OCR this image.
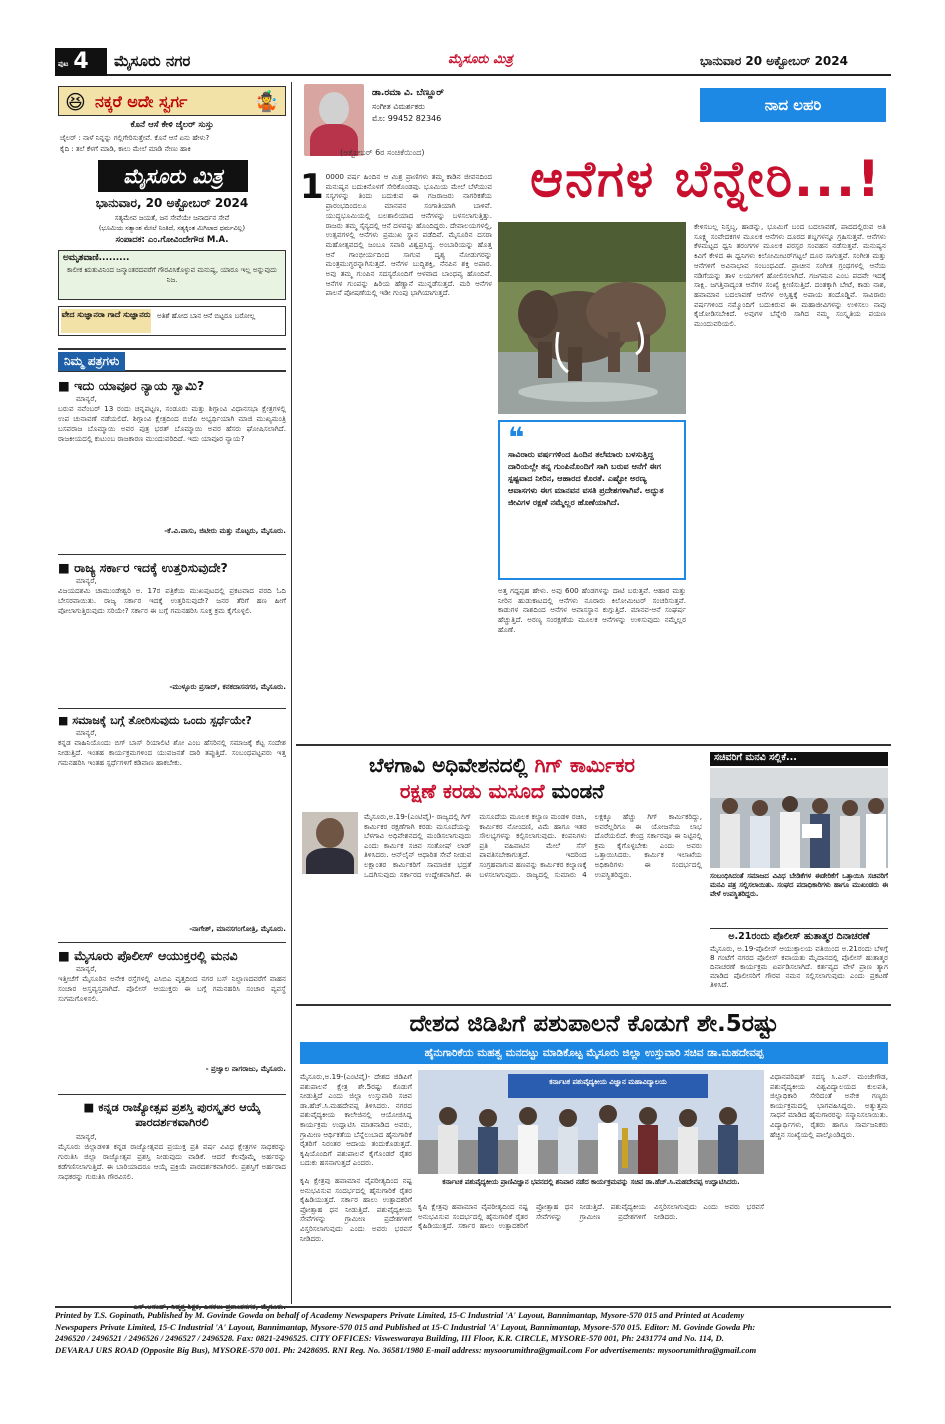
ಪುಟ 4	ಮೈಸೂರು ನಗರ	ಮೈಸೂರು ಮಿತ್ರ	ಭಾನುವಾರ 20 ಅಕ್ಟೋಬರ್ 2024
😆 ನಕ್ಕರೆ ಅದೇ ಸ್ವರ್ಗ	🤹
ಕೊನೆ ಆಸೆ ಕೇಳಿ ಜೈಲರ್ ಸುಸ್ತು
ಜೈಲರ್ : ನಾಳೆ ನಿನ್ನನ್ನು ಗಲ್ಲಿಗೇರಿಸುತ್ತೇವೆ. ಕೊನೆ ಆಸೆ ಏನು ಹೇಳು?
ಕೈದಿ : ತಲೆ ಕೆಳಗೆ ಮಾಡಿ, ಕಾಲು ಮೇಲೆ ಮಾಡಿ ನೇಣು ಹಾಕಿ
ಮೈಸೂರು ಮಿತ್ರ
ಭಾನುವಾರ, 20 ಅಕ್ಟೋಬರ್ 2024
ಸತ್ಯಮೇವ ಜಯತೆ, ಜನ ಸೇವೆಯೇ ಜನಾರ್ದನ ಸೇವೆ
(ಭೂಮಿಯ ಸತ್ಯಾಂಶ ಮೇಲೆ ನಿಂತಿದೆ, ಸತ್ಯಕ್ಕಿಂತ ಮಿಗಿಲಾದ ಧರ್ಮವಿಲ್ಲ)
ಸಂಪಾದಕ: ಎಂ.ಗೋವಿಂದೇಗೌಡ M.A.
ಅಮೃತವಾಣಿ.........
ಕಾಲೀಕ ಋತುವಿನಿಂದ ಜನ್ಮಾಂತರದವರೆಗೆ ಗೌರವಿಸಿಕೊಳ್ಳುವ ಮನುಷ್ಯ, ಯಾರೂ ಇಲ್ಲ ಅನ್ನುವುದು ನಿಜ.
ವೇದ ಸುಜ್ಞಾನರಾ ಗಾದೆ ಸುಜ್ಞಾನರು ಅತಿಶೆ ಹೋದ ಬಾನ ಆನೆ ಬಿಟ್ಟರೂ ಬರೋಲ್ಲ
ನಿಮ್ಮ ಪತ್ರಗಳು
■ ಇದು ಯಾವೂರ ನ್ಯಾಯ ಸ್ವಾಮಿ?
ಮಾನ್ಯರೆ,
ಬರುವ ನವೆಂಬರ್ 13 ರಂದು ಚನ್ನಪಟ್ಟಣ, ಸಂಡೂರು ಮತ್ತು ಶಿಗ್ಗಾಂವಿ ವಿಧಾನಸಭಾ ಕ್ಷೇತ್ರಗಳಲ್ಲಿ ಉಪ ಚುನಾವಣೆ ನಡೆಯಲಿದೆ. ಶಿಗ್ಗಾಂವಿ ಕ್ಷೇತ್ರದಿಂದ ಬಿಜೆಪಿ ಅಭ್ಯರ್ಥಿಯಾಗಿ ಮಾಜಿ ಮುಖ್ಯಮಂತ್ರಿ ಬಸವರಾಜ ಬೊಮ್ಮಾಯಿ ಅವರ ಪುತ್ರ ಭರತ್ ಬೊಮ್ಮಾಯಿ ಅವರ ಹೆಸರು ಘೋಷಿಸಲಾಗಿದೆ. ರಾಜಕೀಯದಲ್ಲಿ ಕುಟುಂಬ ರಾಜಕಾರಣ ಮುಂದುವರಿದಿದೆ. ಇದು ಯಾವೂರ ನ್ಯಾಯ?
-ಕೆ.ವಿ.ವಾಸು, ಜಿಟೀರು ಮತ್ತು ನೊಟ್ಟರು, ಮೈಸೂರು.
■ ರಾಜ್ಯ ಸರ್ಕಾರ ಇದಕ್ಕೆ ಉತ್ತರಿಸುವುದೇ?
ಮಾನ್ಯರೆ,
ವಿಜಯದಶಮಿ ಚಾಮುಂಡೇಶ್ವರಿ ಅ. 17ರ ಪತ್ರಿಕೆಯ ಮುಖಪುಟದಲ್ಲಿ ಪ್ರಕಟವಾದ ವರದಿ ಓದಿ ಬೇಸರವಾಯಿತು. ರಾಜ್ಯ ಸರ್ಕಾರ ಇದಕ್ಕೆ ಉತ್ತರಿಸುವುದೇ? ಜನರ ತೆರಿಗೆ ಹಣ ಹೀಗೆ ಪೋಲಾಗುತ್ತಿರುವುದು ಸರಿಯೇ? ಸರ್ಕಾರ ಈ ಬಗ್ಗೆ ಗಮನಹರಿಸಿ ಸೂಕ್ತ ಕ್ರಮ ಕೈಗೊಳ್ಳಲಿ.
-ಮುಳ್ಳೂರು ಪ್ರಸಾದ್, ಕನಕದಾಸನಗರ, ಮೈಸೂರು.
■ ಸಮಾಜಕ್ಕೆ ಬಗ್ಗೆ ತೋರಿಸುವುದು ಒಂದು ಸ್ಪರ್ಧೆಯೇ?
ಮಾನ್ಯರೆ,
ಕನ್ನಡ ವಾಹಿನಿಯೊಂದು ಬಿಗ್ ಬಾಸ್ ರಿಯಾಲಿಟಿ ಶೋ ಎಂಬ ಹೆಸರಿನಲ್ಲಿ ಸಮಾಜಕ್ಕೆ ಕೆಟ್ಟ ಸಂದೇಶ ನೀಡುತ್ತಿದೆ. ಇಂತಹ ಕಾರ್ಯಕ್ರಮಗಳಿಂದ ಯುವಜನತೆ ದಾರಿ ತಪ್ಪುತ್ತಿದೆ. ಸಂಬಂಧಪಟ್ಟವರು ಇತ್ತ ಗಮನಹರಿಸಿ ಇಂತಹ ಸ್ಪರ್ಧೆಗಳಿಗೆ ಕಡಿವಾಣ ಹಾಕಬೇಕು.
-ನಾಗೇಶ್, ಮಾನಸಗಂಗೋತ್ರಿ, ಮೈಸೂರು.
■ ಮೈಸೂರು ಪೊಲೀಸ್ ಆಯುಕ್ತರಲ್ಲಿ ಮನವಿ
ಮಾನ್ಯರೆ,
ಇತ್ತೀಚೆಗೆ ಮೈಸೂರಿನ ಅನೇಕ ರಸ್ತೆಗಳಲ್ಲಿ ಎಸಿಬಿಎ ವೃತ್ತದಿಂದ ನಗರ ಬಸ್ ನಿಲ್ದಾಣದವರೆಗೆ ವಾಹನ ಸಂಚಾರ ಅಸ್ತವ್ಯಸ್ತವಾಗಿದೆ. ಪೊಲೀಸ್ ಆಯುಕ್ತರು ಈ ಬಗ್ಗೆ ಗಮನಹರಿಸಿ ಸಂಚಾರ ವ್ಯವಸ್ಥೆ ಸುಗಮಗೊಳಿಸಲಿ.
- ಪ್ರಜ್ವಾಲ ನಾಗರಾಜು, ಮೈಸೂರು.
■ ಕನ್ನಡ ರಾಜ್ಯೋತ್ಸವ ಪ್ರಶಸ್ತಿ ಪುರಸ್ಕೃತರ ಆಯ್ಕೆ ಪಾರದರ್ಶಕವಾಗಿರಲಿ
ಮಾನ್ಯರೆ,
ಮೈಸೂರು ಜಿಲ್ಲಾಡಳಿತ ಕನ್ನಡ ರಾಜ್ಯೋತ್ಸವದ ಪ್ರಯುಕ್ತ ಪ್ರತಿ ವರ್ಷ ವಿವಿಧ ಕ್ಷೇತ್ರಗಳ ಸಾಧಕರನ್ನು ಗುರುತಿಸಿ ಜಿಲ್ಲಾ ರಾಜ್ಯೋತ್ಸವ ಪ್ರಶಸ್ತಿ ನೀಡುವುದು ವಾಡಿಕೆ. ಆದರೆ ಕೆಲವೊಮ್ಮೆ ಅರ್ಹರನ್ನು ಕಡೆಗಣಿಸಲಾಗುತ್ತಿದೆ. ಈ ಬಾರಿಯಾದರೂ ಆಯ್ಕೆ ಪ್ರಕ್ರಿಯೆ ಪಾರದರ್ಶಕವಾಗಿರಲಿ. ಪ್ರಶಸ್ತಿಗೆ ಅರ್ಹರಾದ ಸಾಧಕರನ್ನು ಗುರುತಿಸಿ ಗೌರವಿಸಲಿ.
ಡಾ.ರಮಾ ವಿ. ಬೆಣ್ಣೂರ್
ಸಂಗೀತ ವಿಮರ್ಶಕರು
ಮೊ: 99452 82346
ನಾದ ಲಹರಿ
(ಅಕ್ಟೋಬರ್ 6ರ ಸಂಚಿಕೆಯಿಂದ)	ಆನೆಗಳ ಬೆನ್ನೇರಿ...!
1 0000 ವರ್ಷ ಹಿಂದಿನ ಆ ಮಿಶ್ರ ಪ್ರಾಣಿಗಳು ತಮ್ಮ ಕಾಡಿನ ಜೀವನದಿಂದ ಮನುಷ್ಯನ ಬದುಕಿನೊಳಗೆ ಸೇರಿಕೊಂಡವು. ಭೂಮಿಯ ಮೇಲೆ ಬೆಳೆಯುವ ಸಸ್ಯಗಳನ್ನು ತಿಂದು ಬದುಕುವ ಈ ಗಜರಾಜರು ನಾಗರಿಕತೆಯ ಪ್ರಾರಂಭದಿಂದಲೂ ಮಾನವನ ಸಂಗಾತಿಯಾಗಿ ಬಾಳಿವೆ. ಯುದ್ಧಭೂಮಿಯಲ್ಲಿ ಬಲಶಾಲಿಯಾದ ಆನೆಗಳನ್ನು ಬಳಸಲಾಗುತ್ತಿತ್ತು. ರಾಜರು ತಮ್ಮ ಸೈನ್ಯದಲ್ಲಿ ಆನೆ ದಳವನ್ನು ಹೊಂದಿದ್ದರು. ದೇವಾಲಯಗಳಲ್ಲಿ, ಉತ್ಸವಗಳಲ್ಲಿ ಆನೆಗಳು ಪ್ರಮುಖ ಸ್ಥಾನ ಪಡೆದಿವೆ. ಮೈಸೂರಿನ ದಸರಾ ಮಹೋತ್ಸವದಲ್ಲಿ ಜಂಬೂ ಸವಾರಿ ವಿಶ್ವಪ್ರಸಿದ್ಧ. ಅಂಬಾರಿಯನ್ನು ಹೊತ್ತ ಆನೆ ಗಾಂಭೀರ್ಯದಿಂದ ಸಾಗುವ ದೃಶ್ಯ ನೋಡುಗರನ್ನು ಮಂತ್ರಮುಗ್ಧರನ್ನಾಗಿಸುತ್ತದೆ. ಆನೆಗಳ ಬುದ್ಧಿಶಕ್ತಿ, ನೆನಪಿನ ಶಕ್ತಿ ಅಪಾರ. ಅವು ತಮ್ಮ ಗುಂಪಿನ ಸದಸ್ಯರೊಂದಿಗೆ ಆಳವಾದ ಬಾಂಧವ್ಯ ಹೊಂದಿವೆ. ಆನೆಗಳ ಗುಂಪನ್ನು ಹಿರಿಯ ಹೆಣ್ಣಾನೆ ಮುನ್ನಡೆಸುತ್ತದೆ. ಮರಿ ಆನೆಗಳ ಪಾಲನೆ ಪೋಷಣೆಯಲ್ಲಿ ಇಡೀ ಗುಂಪು ಭಾಗಿಯಾಗುತ್ತದೆ.
ಕೇಳಿಸಬಲ್ಲ ನಿಸ್ತಬ್ಧ, ಹಾಡನ್ನು, ಭೂಮಿಗೆ ಬಂದ ಬದಲಾವಣೆ, ಪಾದದಲ್ಲಿರುವ ಅತಿ ಸೂಕ್ಷ್ಮ ಸಂವೇದಕಗಳ ಮೂಲಕ ಆನೆಗಳು ದೂರದ ಶಬ್ದಗಳನ್ನೂ ಗ್ರಹಿಸುತ್ತವೆ. ಆನೆಗಳು ಕೆಳಮಟ್ಟದ ಧ್ವನಿ ತರಂಗಗಳ ಮೂಲಕ ಪರಸ್ಪರ ಸಂವಹನ ನಡೆಸುತ್ತವೆ. ಮನುಷ್ಯನ ಕಿವಿಗೆ ಕೇಳದ ಈ ಧ್ವನಿಗಳು ಕಿಲೋಮೀಟರ್‌ಗಟ್ಟಲೆ ದೂರ ಸಾಗುತ್ತವೆ. ಸಂಗೀತ ಮತ್ತು ಆನೆಗಳಿಗೆ ಅವಿನಾಭಾವ ಸಂಬಂಧವಿದೆ. ಪ್ರಾಚೀನ ಸಂಗೀತ ಗ್ರಂಥಗಳಲ್ಲಿ ಆನೆಯ ನಡಿಗೆಯನ್ನು ತಾಳ ಲಯಗಳಿಗೆ ಹೋಲಿಸಲಾಗಿದೆ. ಗಜಗಮನ ಎಂಬ ಪದವೇ ಇದಕ್ಕೆ ಸಾಕ್ಷಿ. ಜಗತ್ತಿನಾದ್ಯಂತ ಆನೆಗಳ ಸಂಖ್ಯೆ ಕ್ಷೀಣಿಸುತ್ತಿದೆ. ದಂತಕ್ಕಾಗಿ ಬೇಟೆ, ಕಾಡು ನಾಶ, ಹವಾಮಾನ ಬದಲಾವಣೆ ಆನೆಗಳ ಅಸ್ತಿತ್ವಕ್ಕೆ ಅಪಾಯ ತಂದೊಡ್ಡಿವೆ. ಸಾವಿರಾರು ವರ್ಷಗಳಿಂದ ನಮ್ಮೊಂದಿಗೆ ಬದುಕಿರುವ ಈ ಮಹಾಜೀವಿಗಳನ್ನು ಉಳಿಸಲು ನಾವು ಕೈಜೋಡಿಸಬೇಕಿದೆ. ಅವುಗಳ ಬೆನ್ನೇರಿ ಸಾಗಿದ ನಮ್ಮ ಸಂಸ್ಕೃತಿಯ ಪಯಣ ಮುಂದುವರಿಯಲಿ.
❝
ಸಾವಿರಾರು ವರ್ಷಗಳಿಂದ ಹಿಂದಿನ ತಲೆಮಾರು ಬಳಸುತ್ತಿದ್ದ ದಾರಿಯಲ್ಲೇ ತನ್ನ ಗುಂಪಿನೊಂದಿಗೆ ಸಾಗಿ ಬರುವ ಆನೆಗೆ ಈಗ ಸ್ಪಷ್ಟವಾದ ನೀರಿನ, ಆಹಾರದ ಕೊರತೆ. ಎಷ್ಟೋ ಅರಣ್ಯ ಆವಾಸಗಳು ಈಗ ಮಾನವನ ವಸತಿ ಪ್ರದೇಶಗಳಾಗಿವೆ. ಅದ್ಭುತ ಜೀವಿಗಳ ರಕ್ಷಣೆ ನಮ್ಮೆಲ್ಲರ ಹೊಣೆಯಾಗಿದೆ.
ಅತ್ತ ಗದ್ದಪ್ಪಹ ಹೇಳು. ಅವು 600 ಹೆಂಡಗಳನ್ನು ದಾಟಿ ಬರುತ್ತವೆ. ಆಹಾರ ಮತ್ತು ನೀರಿನ ಹುಡುಕಾಟದಲ್ಲಿ ಆನೆಗಳು ನೂರಾರು ಕಿಲೋಮೀಟರ್ ಸಂಚರಿಸುತ್ತವೆ. ಕಾಡುಗಳ ನಾಶದಿಂದ ಆನೆಗಳ ಆವಾಸಸ್ಥಾನ ಕುಗ್ಗುತ್ತಿದೆ. ಮಾನವ-ಆನೆ ಸಂಘರ್ಷ ಹೆಚ್ಚುತ್ತಿದೆ. ಅರಣ್ಯ ಸಂರಕ್ಷಣೆಯ ಮೂಲಕ ಆನೆಗಳನ್ನು ಉಳಿಸುವುದು ನಮ್ಮೆಲ್ಲರ ಹೊಣೆ.
ಬೆಳಗಾವಿ ಅಧಿವೇಶನದಲ್ಲಿ ಗಿಗ್ ಕಾರ್ಮಿಕರ
ರಕ್ಷಣೆ ಕರಡು ಮಸೂದೆ ಮಂಡನೆ
ಮೈಸೂರು,ಅ.19-(ಎಂಟಿವೈ)- ರಾಜ್ಯದಲ್ಲಿ ಗಿಗ್ ಕಾರ್ಮಿಕರ ರಕ್ಷಣೆಗಾಗಿ ಕರಡು ಮಸೂದೆಯನ್ನು ಬೆಳಗಾವಿ ಅಧಿವೇಶನದಲ್ಲಿ ಮಂಡಿಸಲಾಗುವುದು ಎಂದು ಕಾರ್ಮಿಕ ಸಚಿವ ಸಂತೋಷ್ ಲಾಡ್ ತಿಳಿಸಿದರು. ಆನ್‌ಲೈನ್ ಆಧಾರಿತ ಸೇವೆ ನೀಡುವ ಲಕ್ಷಾಂತರ ಕಾರ್ಮಿಕರಿಗೆ ಸಾಮಾಜಿಕ ಭದ್ರತೆ ಒದಗಿಸುವುದು ಸರ್ಕಾರದ ಉದ್ದೇಶವಾಗಿದೆ. ಈ ಮಸೂದೆಯ ಮೂಲಕ ಕಲ್ಯಾಣ ಮಂಡಳಿ ರಚಿಸಿ, ಕಾರ್ಮಿಕರ ನೋಂದಣಿ, ವಿಮೆ ಹಾಗೂ ಇತರ ಸೌಲಭ್ಯಗಳನ್ನು ಕಲ್ಪಿಸಲಾಗುವುದು. ಕಂಪನಿಗಳು ಪ್ರತಿ ವಹಿವಾಟಿನ ಮೇಲೆ ಸೆಸ್ ಪಾವತಿಸಬೇಕಾಗುತ್ತದೆ. ಇದರಿಂದ ಸಂಗ್ರಹವಾಗುವ ಹಣವನ್ನು ಕಾರ್ಮಿಕರ ಕಲ್ಯಾಣಕ್ಕೆ ಬಳಸಲಾಗುವುದು. ರಾಜ್ಯದಲ್ಲಿ ಸುಮಾರು 4 ಲಕ್ಷಕ್ಕೂ ಹೆಚ್ಚು ಗಿಗ್ ಕಾರ್ಮಿಕರಿದ್ದು, ಅವರೆಲ್ಲರಿಗೂ ಈ ಯೋಜನೆಯ ಲಾಭ ದೊರೆಯಲಿದೆ. ಕೇಂದ್ರ ಸರ್ಕಾರವೂ ಈ ನಿಟ್ಟಿನಲ್ಲಿ ಕ್ರಮ ಕೈಗೊಳ್ಳಬೇಕು ಎಂದು ಅವರು ಒತ್ತಾಯಿಸಿದರು. ಕಾರ್ಮಿಕ ಇಲಾಖೆಯ ಅಧಿಕಾರಿಗಳು ಈ ಸಂದರ್ಭದಲ್ಲಿ ಉಪಸ್ಥಿತರಿದ್ದರು.
ಸಚಿವರಿಗೆ ಮನವಿ ಸಲ್ಲಿಕೆ...
ಸಂಬಂಧಿಸಿದಂತೆ ಸಮಾಜದ ವಿವಿಧ ಬೇಡಿಕೆಗಳ ಈಡೇರಿಕೆಗೆ ಒತ್ತಾಯಿಸಿ ಸಚಿವರಿಗೆ ಮನವಿ ಪತ್ರ ಸಲ್ಲಿಸಲಾಯಿತು. ಸಂಘದ ಪದಾಧಿಕಾರಿಗಳು ಹಾಗೂ ಮುಖಂಡರು ಈ ವೇಳೆ ಉಪಸ್ಥಿತರಿದ್ದರು.
ಅ.21ರಂದು ಪೊಲೀಸ್ ಹುತಾತ್ಮರ ದಿನಾಚರಣೆ
ಮೈಸೂರು, ಅ.19-ಪೊಲೀಸ್ ಆಯುಕ್ತಾಲಯ ವತಿಯಿಂದ ಅ.21ರಂದು ಬೆಳಿಗ್ಗೆ 8 ಗಂಟೆಗೆ ನಗರದ ಪೊಲೀಸ್ ಕವಾಯತು ಮೈದಾನದಲ್ಲಿ ಪೊಲೀಸ್ ಹುತಾತ್ಮರ ದಿನಾಚರಣೆ ಕಾರ್ಯಕ್ರಮ ಏರ್ಪಡಿಸಲಾಗಿದೆ. ಕರ್ತವ್ಯದ ವೇಳೆ ಪ್ರಾಣ ತ್ಯಾಗ ಮಾಡಿದ ಪೊಲೀಸರಿಗೆ ಗೌರವ ನಮನ ಸಲ್ಲಿಸಲಾಗುವುದು ಎಂದು ಪ್ರಕಟಣೆ ತಿಳಿಸಿದೆ.
ದೇಶದ ಜಿಡಿಪಿಗೆ ಪಶುಪಾಲನೆ ಕೊಡುಗೆ ಶೇ.5ರಷ್ಟು
ಹೈನುಗಾರಿಕೆಯ ಮಹತ್ವ ಮನದಟ್ಟು ಮಾಡಿಕೊಟ್ಟ ಮೈಸೂರು ಜಿಲ್ಲಾ ಉಸ್ತುವಾರಿ ಸಚಿವ ಡಾ.ಮಹದೇವಪ್ಪ
ಮೈಸೂರು,ಅ.19-(ಎಂಟಿವೈ)- ದೇಶದ ಜಿಡಿಪಿಗೆ ಪಶುಪಾಲನೆ ಕ್ಷೇತ್ರ ಶೇ.5ರಷ್ಟು ಕೊಡುಗೆ ನೀಡುತ್ತಿದೆ ಎಂದು ಜಿಲ್ಲಾ ಉಸ್ತುವಾರಿ ಸಚಿವ ಡಾ.ಹೆಚ್.ಸಿ.ಮಹದೇವಪ್ಪ ತಿಳಿಸಿದರು. ನಗರದ ಪಶುವೈದ್ಯಕೀಯ ಕಾಲೇಜಿನಲ್ಲಿ ಆಯೋಜಿಸಿದ್ದ ಕಾರ್ಯಕ್ರಮ ಉದ್ಘಾಟಿಸಿ ಮಾತನಾಡಿದ ಅವರು, ಗ್ರಾಮೀಣ ಆರ್ಥಿಕತೆಯ ಬೆನ್ನೆಲುಬಾದ ಹೈನುಗಾರಿಕೆ ರೈತರಿಗೆ ನಿರಂತರ ಆದಾಯ ತಂದುಕೊಡುತ್ತದೆ. ಕೃಷಿಯೊಂದಿಗೆ ಪಶುಪಾಲನೆ ಕೈಗೊಂಡರೆ ರೈತರ ಬದುಕು ಹಸನಾಗುತ್ತದೆ ಎಂದರು.
ಕರ್ನಾಟಕ ಪಶುವೈದ್ಯಕೀಯ ವಿಜ್ಞಾನ ಮಹಾವಿದ್ಯಾಲಯ
ಕರ್ನಾಟಕ ಪಶುವೈದ್ಯಕೀಯ ಪ್ರಾಣಿವಿಜ್ಞಾನ ಭವನದಲ್ಲಿ ಶನಿವಾರ ನಡೆದ ಕಾರ್ಯಕ್ರಮವನ್ನು ಸಚಿವ ಡಾ.ಹೆಚ್.ಸಿ.ಮಹದೇವಪ್ಪ ಉದ್ಘಾಟಿಸಿದರು.
ವಿಧಾನಪರಿಷತ್ ಸದಸ್ಯ ಸಿ.ಎನ್. ಮಂಜೇಗೌಡ, ಪಶುವೈದ್ಯಕೀಯ ವಿಶ್ವವಿದ್ಯಾಲಯದ ಕುಲಪತಿ, ಜಿಲ್ಲಾಧಿಕಾರಿ ಸೇರಿದಂತೆ ಅನೇಕ ಗಣ್ಯರು ಕಾರ್ಯಕ್ರಮದಲ್ಲಿ ಭಾಗವಹಿಸಿದ್ದರು. ಅತ್ಯುತ್ತಮ ಸಾಧನೆ ಮಾಡಿದ ಹೈನುಗಾರರನ್ನು ಸನ್ಮಾನಿಸಲಾಯಿತು. ವಿದ್ಯಾರ್ಥಿಗಳು, ರೈತರು ಹಾಗೂ ಸಾರ್ವಜನಿಕರು ಹೆಚ್ಚಿನ ಸಂಖ್ಯೆಯಲ್ಲಿ ಪಾಲ್ಗೊಂಡಿದ್ದರು.
ಕೃಷಿ ಕ್ಷೇತ್ರವು ಹವಾಮಾನ ವೈಪರೀತ್ಯದಿಂದ ನಷ್ಟ ಅನುಭವಿಸುವ ಸಂದರ್ಭದಲ್ಲಿ ಹೈನುಗಾರಿಕೆ ರೈತರ ಕೈಹಿಡಿಯುತ್ತದೆ. ಸರ್ಕಾರ ಹಾಲು ಉತ್ಪಾದಕರಿಗೆ ಪ್ರೋತ್ಸಾಹ ಧನ ನೀಡುತ್ತಿದೆ. ಪಶುವೈದ್ಯಕೀಯ ಸೇವೆಗಳನ್ನು ಗ್ರಾಮೀಣ ಪ್ರದೇಶಗಳಿಗೆ ವಿಸ್ತರಿಸಲಾಗುವುದು ಎಂದು ಅವರು ಭರವಸೆ ನೀಡಿದರು.
ಕೃಷಿ ಕ್ಷೇತ್ರವು ಹವಾಮಾನ ವೈಪರೀತ್ಯದಿಂದ ನಷ್ಟ ಅನುಭವಿಸುವ ಸಂದರ್ಭದಲ್ಲಿ ಹೈನುಗಾರಿಕೆ ರೈತರ ಕೈಹಿಡಿಯುತ್ತದೆ. ಸರ್ಕಾರ ಹಾಲು ಉತ್ಪಾದಕರಿಗೆ ಪ್ರೋತ್ಸಾಹ ಧನ ನೀಡುತ್ತಿದೆ. ಪಶುವೈದ್ಯಕೀಯ ಸೇವೆಗಳನ್ನು ಗ್ರಾಮೀಣ ಪ್ರದೇಶಗಳಿಗೆ ವಿಸ್ತರಿಸಲಾಗುವುದು ಎಂದು ಅವರು ಭರವಸೆ ನೀಡಿದರು.
Printed by T.S. Gopinath, Published by M. Govinde Gowda on behalf of Academy Newspapers Private Limited, 15-C Industrial 'A' Layout, Bannimantap, Mysore-570 015 and Printed at Academy
Newspapers Private Limited, 15-C Industrial 'A' Layout, Bannimantap, Mysore-570 015 and Published at 15-C Industrial 'A' Layout, Bannimantap, Mysore-570 015. Editor: M. Govinde Gowda Ph:
2496520 / 2496521 / 2496526 / 2496527 / 2496528. Fax: 0821-2496525. CITY OFFICES: Visweswaraya Building, III Floor, K.R. CIRCLE, MYSORE-570 001, Ph: 2431774 and No. 114, D.
DEVARAJ URS ROAD (Opposite Big Bus), MYSORE-570 001. Ph: 2428695. RNI Reg. No. 36581/1980 E-mail address: mysoorumithra@gmail.com For advertisements: mysoorumithra@gmail.com
